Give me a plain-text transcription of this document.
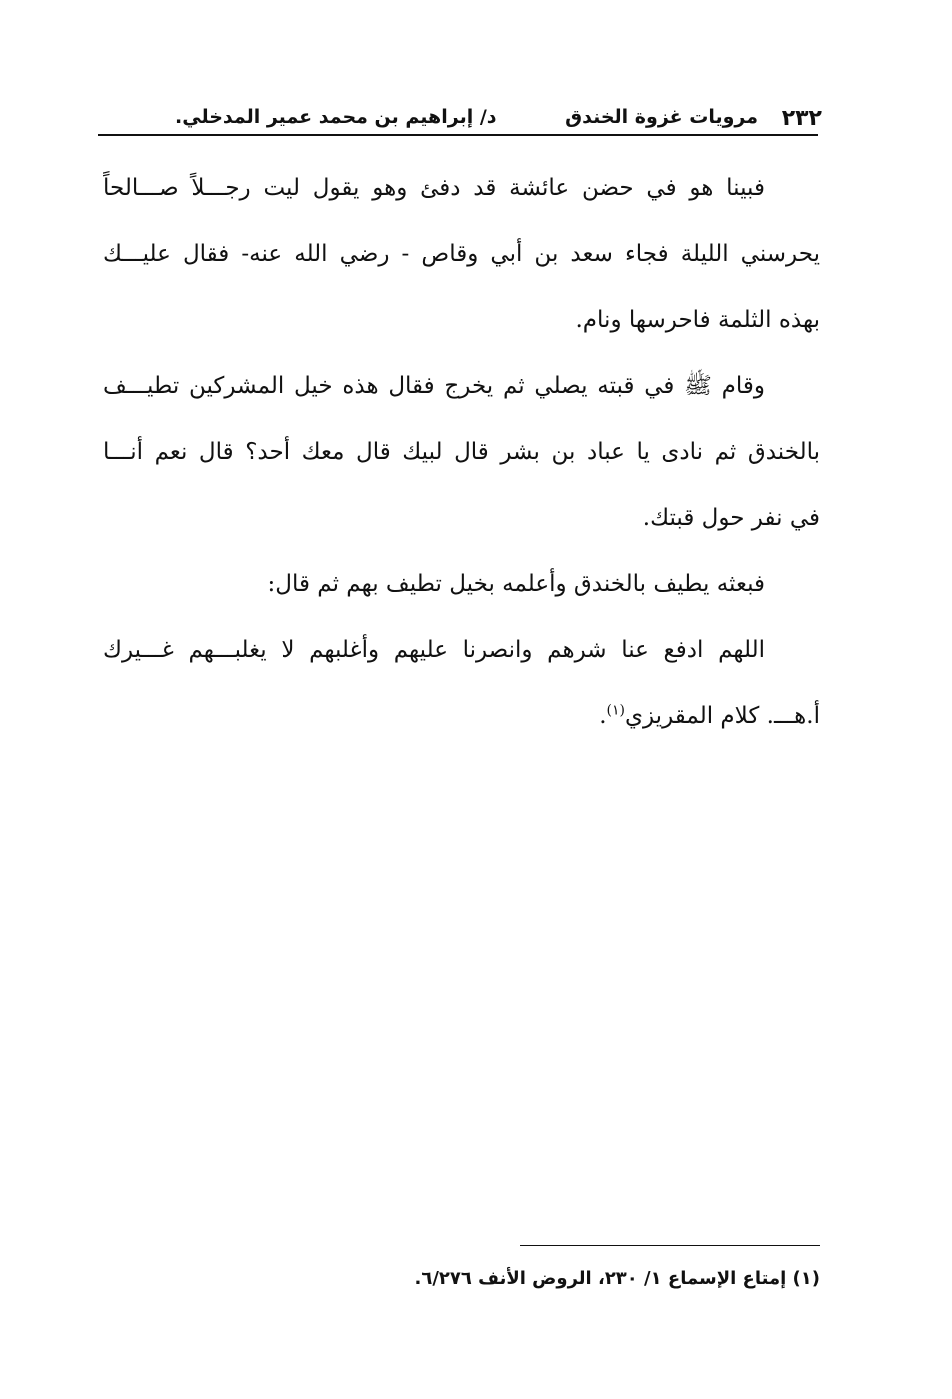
٢٣٢
مرويات غزوة الخندق
د/ إبراهيم بن محمد عمير المدخلي.
فبينا هو في حضن عائشة قد دفئ وهو يقول ليت رجـــلاً صـــالحاً
يحرسني الليلة فجاء سعد بن أبي وقاص - رضي الله عنه- فقال عليـــك
بهذه الثلمة فاحرسها ونام.
وقام ﷺ في قبته يصلي ثم يخرج فقال هذه خيل المشركين تطيـــف
بالخندق ثم نادى يا عباد بن بشر قال لبيك قال معك أحد؟ قال نعم أنـــا
في نفر حول قبتك.
فبعثه يطيف بالخندق وأعلمه بخيل تطيف بهم ثم قال:
اللهم ادفع عنا شرهم وانصرنا عليهم وأغلبهم لا يغلبـــهم غـــيرك
أ.هـــ. كلام المقريزي$^{(١)}$.
(١) إمتاع الإسماع ١/ ٢٣٠، الروض الأنف ٦/٢٧٦.
